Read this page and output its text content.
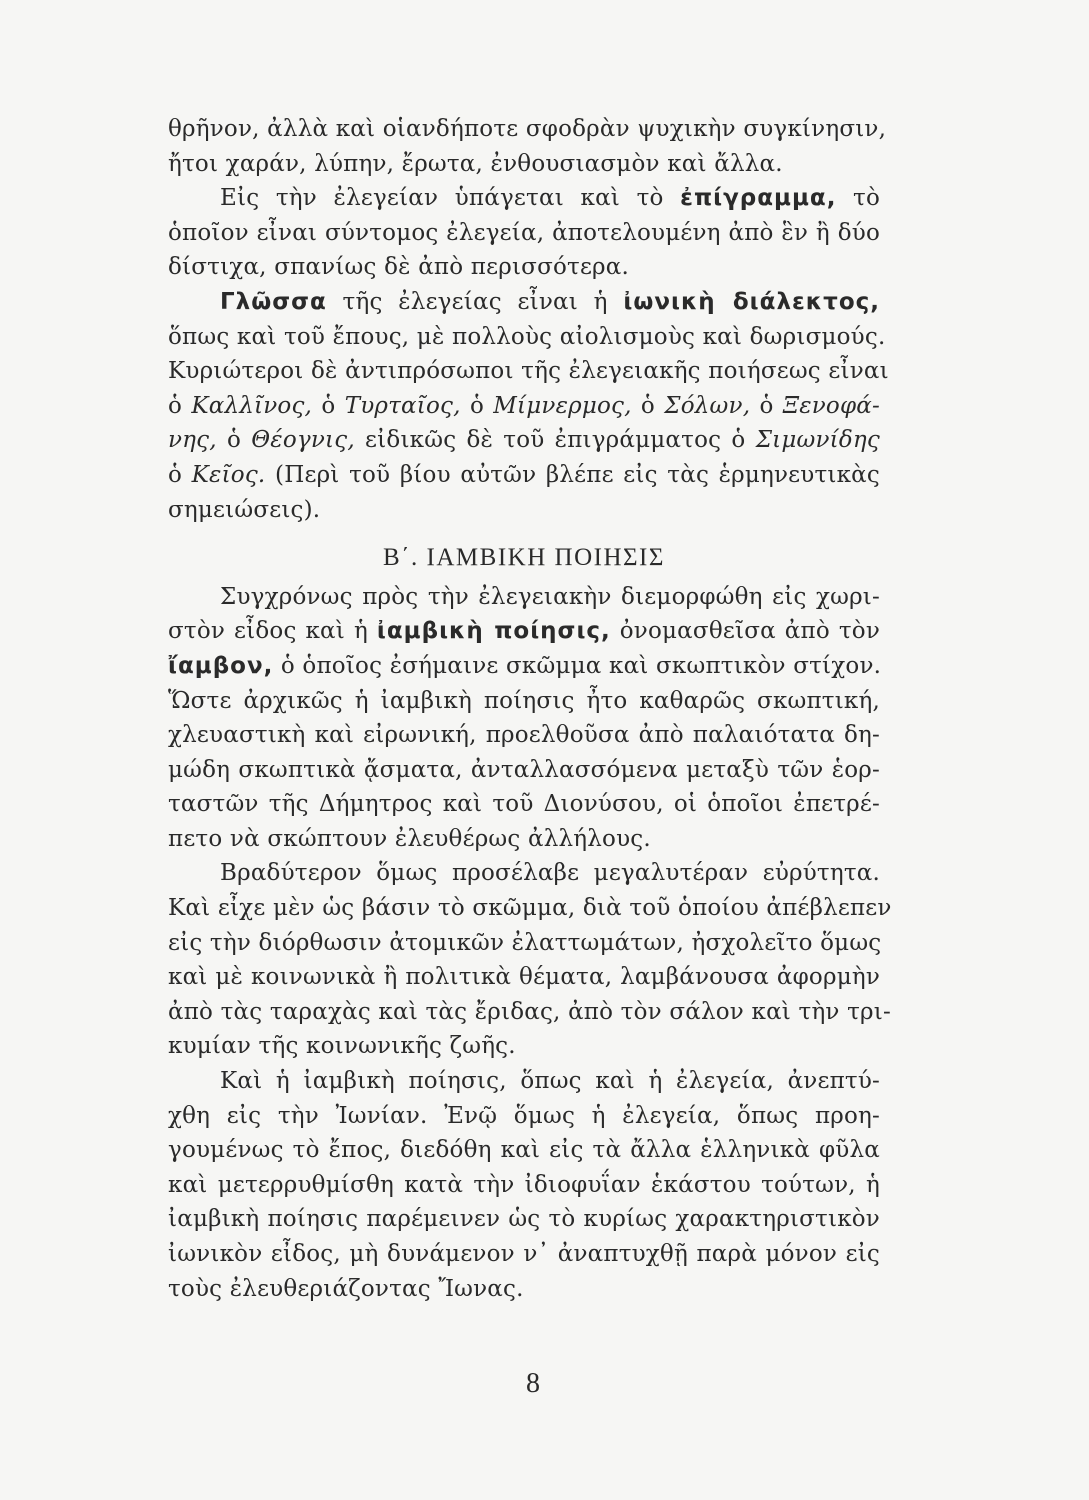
θρῆνον, ἀλλὰ καὶ οἱανδήποτε σφοδρὰν ψυχικὴν συγκίνησιν,
ἤτοι χαράν, λύπην, ἔρωτα, ἐνθουσιασμὸν καὶ ἄλλα.
Εἰς τὴν ἐλεγείαν ὑπάγεται καὶ τὸ ἐπίγραμμα, τὸ
ὁποῖον εἶναι σύντομος ἐλεγεία, ἀποτελουμένη ἀπὸ ἓν ἢ δύο
δίστιχα, σπανίως δὲ ἀπὸ περισσότερα.
Γλῶσσα τῆς ἐλεγείας εἶναι ἡ ἰωνικὴ διάλεκτος,
ὅπως καὶ τοῦ ἔπους, μὲ πολλοὺς αἰολισμοὺς καὶ δωρισμούς.
Κυριώτεροι δὲ ἀντιπρόσωποι τῆς ἐλεγειακῆς ποιήσεως εἶναι
ὁ Καλλῖνος, ὁ Τυρταῖος, ὁ Μίμνερμος, ὁ Σόλων, ὁ Ξενοφά-
νης, ὁ Θέογνις, εἰδικῶς δὲ τοῦ ἐπιγράμματος ὁ Σιμωνίδης
ὁ Κεῖος. (Περὶ τοῦ βίου αὐτῶν βλέπε εἰς τὰς ἑρμηνευτικὰς
σημειώσεις).
Β΄. ΙΑΜΒΙΚΗ ΠΟΙΗΣΙΣ
Συγχρόνως πρὸς τὴν ἐλεγειακὴν διεμορφώθη εἰς χωρι-
στὸν εἶδος καὶ ἡ ἰαμβικὴ ποίησις, ὀνομασθεῖσα ἀπὸ τὸν
ἴαμβον, ὁ ὁποῖος ἐσήμαινε σκῶμμα καὶ σκωπτικὸν στίχον.
Ὥστε ἀρχικῶς ἡ ἰαμβικὴ ποίησις ἦτο καθαρῶς σκωπτική,
χλευαστικὴ καὶ εἰρωνική, προελθοῦσα ἀπὸ παλαιότατα δη-
μώδη σκωπτικὰ ᾄσματα, ἀνταλλασσόμενα μεταξὺ τῶν ἑορ-
ταστῶν τῆς Δήμητρος καὶ τοῦ Διονύσου, οἱ ὁποῖοι ἐπετρέ-
πετο νὰ σκώπτουν ἐλευθέρως ἀλλήλους.
Βραδύτερον ὅμως προσέλαβε μεγαλυτέραν εὐρύτητα.
Καὶ εἶχε μὲν ὡς βάσιν τὸ σκῶμμα, διὰ τοῦ ὁποίου ἀπέβλεπεν
εἰς τὴν διόρθωσιν ἀτομικῶν ἐλαττωμάτων, ἠσχολεῖτο ὅμως
καὶ μὲ κοινωνικὰ ἢ πολιτικὰ θέματα, λαμβάνουσα ἀφορμὴν
ἀπὸ τὰς ταραχὰς καὶ τὰς ἔριδας, ἀπὸ τὸν σάλον καὶ τὴν τρι-
κυμίαν τῆς κοινωνικῆς ζωῆς.
Καὶ ἡ ἰαμβικὴ ποίησις, ὅπως καὶ ἡ ἐλεγεία, ἀνεπτύ-
χθη εἰς τὴν Ἰωνίαν. Ἐνῷ ὅμως ἡ ἐλεγεία, ὅπως προη-
γουμένως τὸ ἔπος, διεδόθη καὶ εἰς τὰ ἄλλα ἑλληνικὰ φῦλα
καὶ μετερρυθμίσθη κατὰ τὴν ἰδιοφυΐαν ἑκάστου τούτων, ἡ
ἰαμβικὴ ποίησις παρέμεινεν ὡς τὸ κυρίως χαρακτηριστικὸν
ἰωνικὸν εἶδος, μὴ δυνάμενον ν᾿ ἀναπτυχθῇ παρὰ μόνον εἰς
τοὺς ἐλευθεριάζοντας Ἴωνας.
8
